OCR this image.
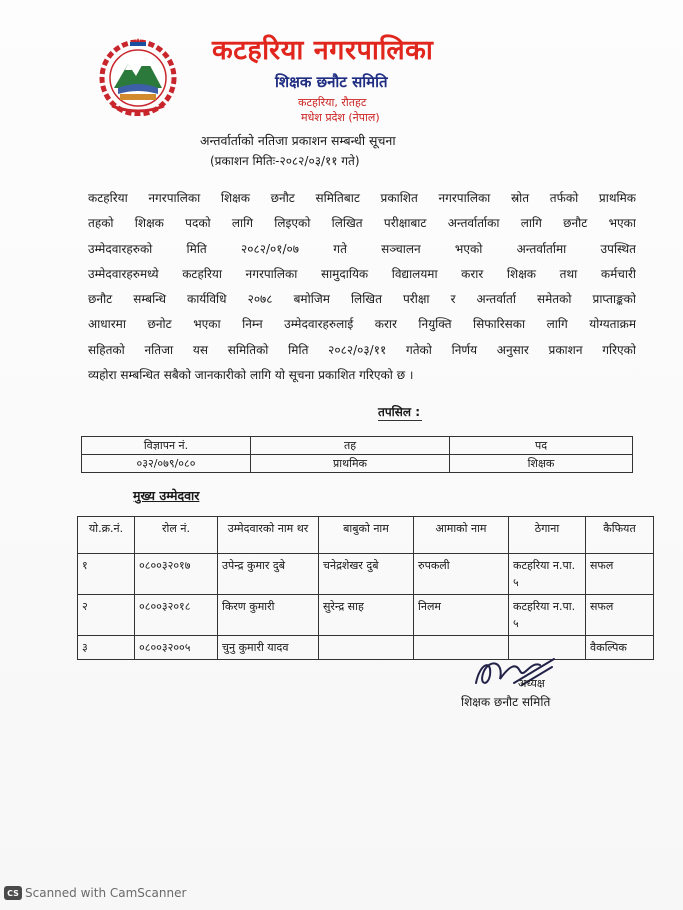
कटहरिया नगरपालिका
शिक्षक छनौट समिति
कटहरिया, रौतहट
मधेश प्रदेश (नेपाल)
अन्तर्वार्ताको नतिजा प्रकाशन सम्बन्धी सूचना
(प्रकाशन मितिः-२०८२/०३/११ गते)
कटहरिया नगरपालिका शिक्षक छनौट समितिबाट प्रकाशित नगरपालिका स्रोत तर्फको प्राथमिक
तहको शिक्षक पदको लागि लिइएको लिखित परीक्षाबाट अन्तर्वार्ताका लागि छनौट भएका
उम्मेदवारहरुको मिति २०८२/०१/०७ गते सञ्चालन भएको अन्तर्वार्तामा उपस्थित
उम्मेदवारहरुमध्ये कटहरिया नगरपालिका सामुदायिक विद्यालयमा करार शिक्षक तथा कर्मचारी
छनौट सम्बन्धि कार्यविधि २०७८ बमोजिम लिखित परीक्षा र अन्तर्वार्ता समेतको प्राप्ताङ्कको
आधारमा छनोट भएका निम्न उम्मेदवारहरुलाई करार नियुक्ति सिफारिसका लागि योग्यताक्रम
सहितको नतिजा यस समितिको मिति २०८२/०३/११ गतेको निर्णय अनुसार प्रकाशन गरिएको
व्यहोरा सम्बन्धित सबैको जानकारीको लागि यो सूचना प्रकाशित गरिएको छ ।
तपसिल :
विज्ञापन नं.	तह	पद
०३२/०७९/०८०	प्राथमिक	शिक्षक
मुख्य उम्मेदवार
यो.क्र.नं.	रोल नं.	उम्मेदवारको नाम थर	बाबुको नाम	आमाको नाम	ठेगाना	कैफियत
१	०८००३२०१७	उपेन्द्र कुमार दुबे	चनेद्रशेखर दुबे	रुपकली	कटहरिया न.पा. ५	सफल
२	०८००३२०१८	किरण कुमारी	सुरेन्द्र साह	निलम	कटहरिया न.पा. ५	सफल
३	०८००३२००५	चुनु कुमारी यादव				वैकल्पिक
अध्यक्ष
शिक्षक छनौट समिति
CS Scanned with CamScanner
